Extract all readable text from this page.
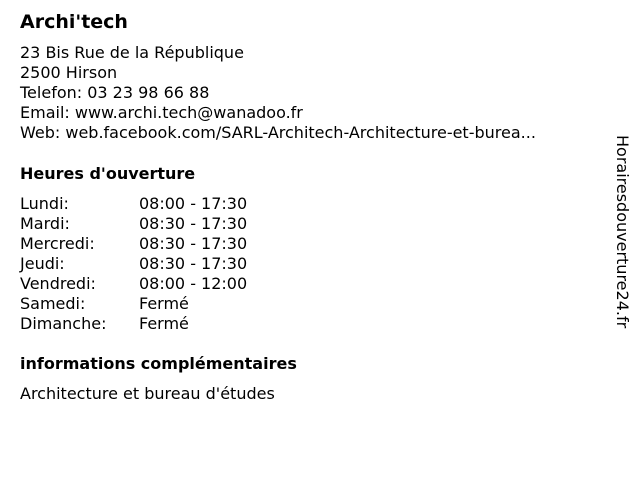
Archi'tech
23 Bis Rue de la République
2500 Hirson
Telefon: 03 23 98 66 88
Email: www.archi.tech@wanadoo.fr
Web: web.facebook.com/SARL-Architech-Architecture-et-burea...
Heures d'ouverture
Lundi:	08:00 - 17:30
Mardi:	08:30 - 17:30
Mercredi:	08:30 - 17:30
Jeudi:	08:30 - 17:30
Vendredi:	08:00 - 12:00
Samedi:	Fermé
Dimanche: Fermé
informations complémentaires
Architecture et bureau d'études
Horairesdouverture24.fr
